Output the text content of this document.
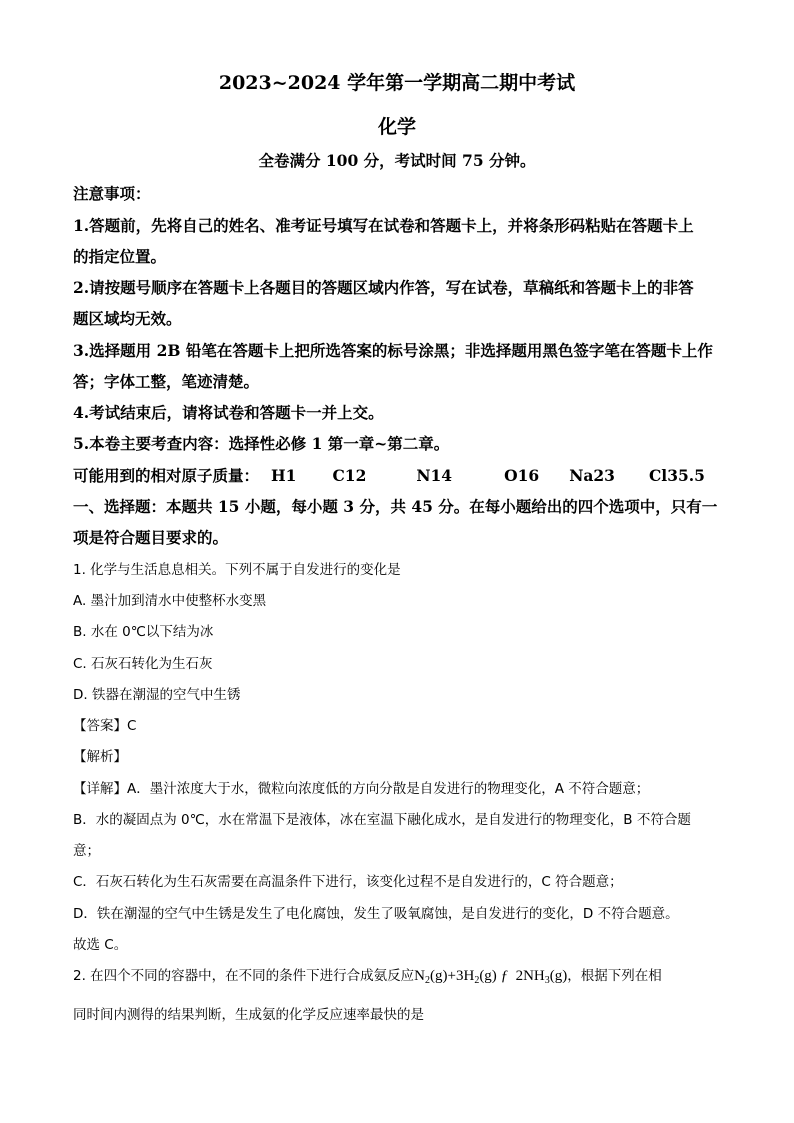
2023~2024 学年第一学期高二期中考试
化学
全卷满分 100 分，考试时间 75 分钟。
注意事项：
1.答题前，先将自己的姓名、准考证号填写在试卷和答题卡上，并将条形码粘贴在答题卡上
的指定位置。
2.请按题号顺序在答题卡上各题目的答题区域内作答，写在试卷，草稿纸和答题卡上的非答
题区域均无效。
3.选择题用 2B 铅笔在答题卡上把所选答案的标号涂黑；非选择题用黑色签字笔在答题卡上作
答；字体工整，笔迹清楚。
4.考试结束后，请将试卷和答题卡一并上交。
5.本卷主要考查内容：选择性必修 1 第一章~第二章。
可能用到的相对原子质量： H1 C12	N14	O16 Na23 Cl35.5
一、选择题：本题共 15 小题，每小题 3 分，共 45 分。在每小题给出的四个选项中，只有一
项是符合题目要求的。
1. 化学与生活息息相关。下列不属于自发进行的变化是
A. 墨汁加到清水中使整杯水变黑
B. 水在 0℃以下结为冰
C. 石灰石转化为生石灰
D. 铁器在潮湿的空气中生锈
【答案】C
【解析】
【详解】A．墨汁浓度大于水，微粒向浓度低的方向分散是自发进行的物理变化，A 不符合题意；
B．水的凝固点为 0℃，水在常温下是液体，冰在室温下融化成水，是自发进行的物理变化，B 不符合题
意；
C．石灰石转化为生石灰需要在高温条件下进行，该变化过程不是自发进行的，C 符合题意；
D．铁在潮湿的空气中生锈是发生了电化腐蚀，发生了吸氧腐蚀，是自发进行的变化，D 不符合题意。
故选 C。
2. 在四个不同的容器中，在不同的条件下进行合成氨反应$N_2(g)+3H_2(g)$ ƒ $2NH_3(g)$，根据下列在相
同时间内测得的结果判断，生成氨的化学反应速率最快的是
